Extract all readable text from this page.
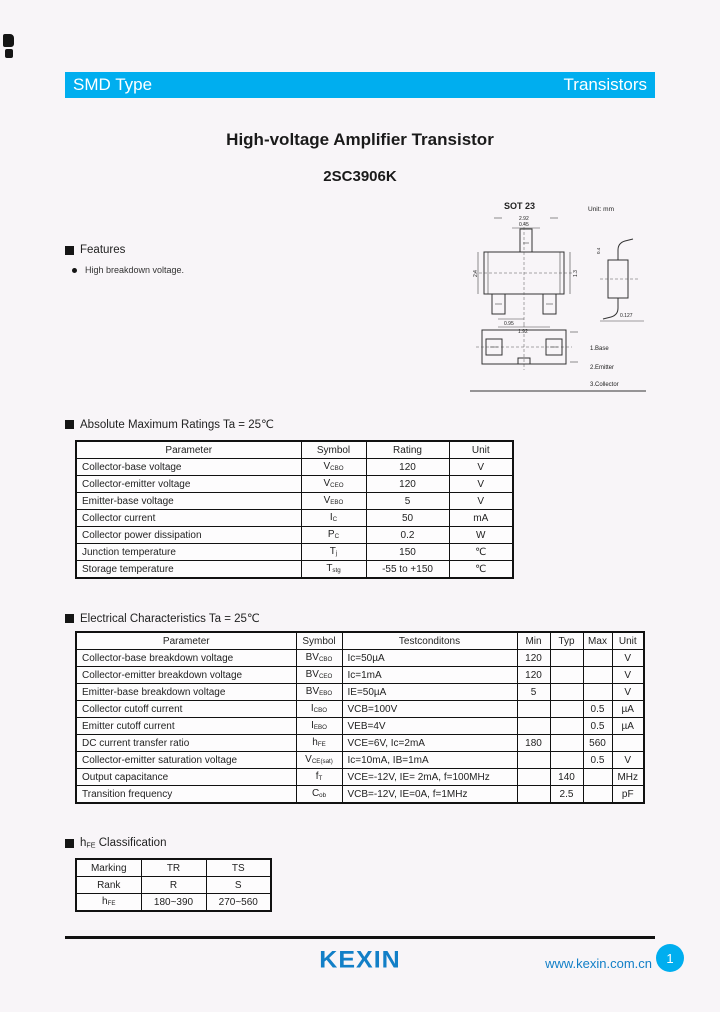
SMD Type	Transistors
High-voltage Amplifier Transistor
2SC3906K
Features
High breakdown voltage.
SOT 23	Unit: mm
2.92
0.45
2.4	1.3
0.95
1.92
0.4
0.127
1.Base
2.Emitter
3.Collector
Absolute Maximum Ratings Ta = 25℃
Parameter	Symbol	Rating	Unit
Collector-base voltage	$V_{CBO}$	120	V
Collector-emitter voltage	$V_{CEO}$	120	V
Emitter-base voltage	$V_{EBO}$	5	V
Collector current	$I_C$	50	mA
Collector power dissipation	$P_C$	0.2	W
Junction temperature	$T_j$	150	℃
Storage temperature	$T_{stg}$	-55 to +150	℃
Electrical Characteristics Ta = 25℃
Parameter	Symbol	Testconditons	Min	Typ	Max	Unit
Collector-base breakdown voltage	$BV_{CBO}$	Ic=50µA	120			V
Collector-emitter breakdown voltage	$BV_{CEO}$	Ic=1mA	120			V
Emitter-base breakdown voltage	$BV_{EBO}$	IE=50µA	5			V
Collector cutoff current	$I_{CBO}$	VCB=100V			0.5	µA
Emitter cutoff current	$I_{EBO}$	VEB=4V			0.5	µA
DC current transfer ratio	$h_{FE}$	VCE=6V, Ic=2mA	180		560	
Collector-emitter saturation voltage	$V_{CE(sat)}$	Ic=10mA, IB=1mA			0.5	V
Output capacitance	$f_T$	VCE=-12V, IE= 2mA, f=100MHz		140		MHz
Transition frequency	$C_{ob}$	VCB=-12V, IE=0A, f=1MHz		2.5		pF
$h_{FE}$ Classification
Marking	TR	TS
Rank	R	S
$h_{FE}$	180~390	270~560
KEXIN	www.kexin.com.cn	1
